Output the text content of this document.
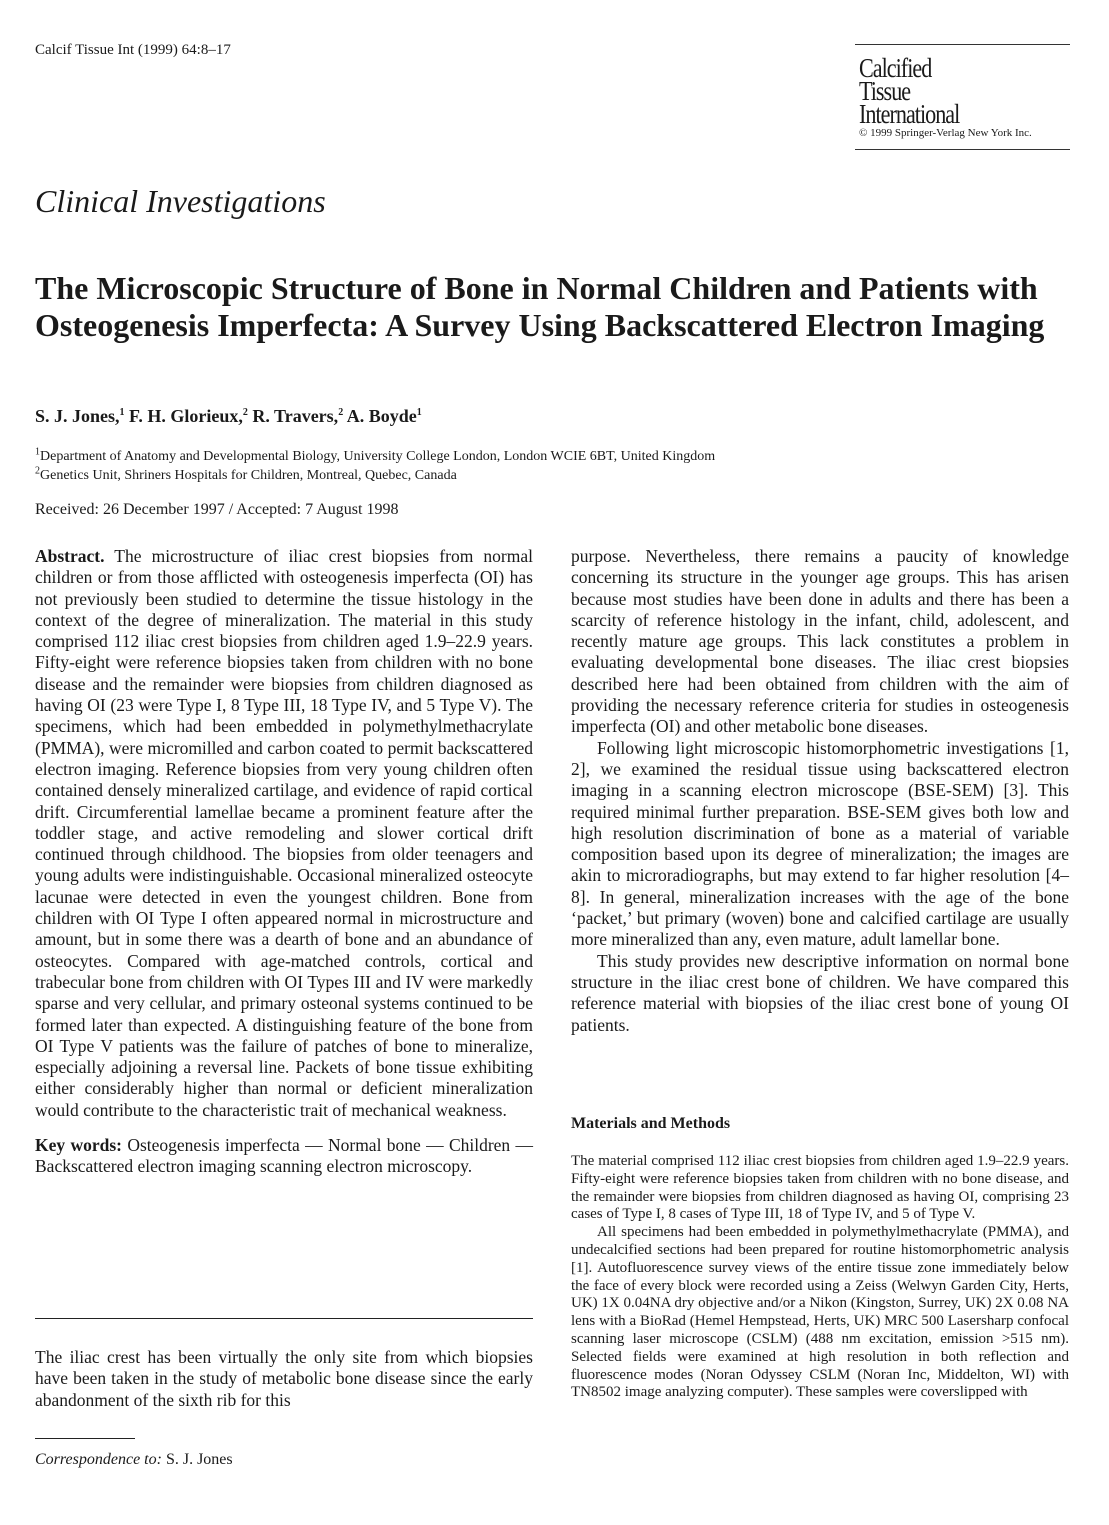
Calcif Tissue Int (1999) 64:8–17
Calcified
Tissue
International
© 1999 Springer-Verlag New York Inc.
Clinical Investigations
The Microscopic Structure of Bone in Normal Children and Patients with Osteogenesis Imperfecta: A Survey Using Backscattered Electron Imaging
S. J. Jones,$^1$ F. H. Glorieux,$^2$ R. Travers,$^2$ A. Boyde$^1$
$^1$Department of Anatomy and Developmental Biology, University College London, London WCIE 6BT, United Kingdom
$^2$Genetics Unit, Shriners Hospitals for Children, Montreal, Quebec, Canada
Received: 26 December 1997 / Accepted: 7 August 1998

Abstract. The microstructure of iliac crest biopsies from normal children or from those afflicted with osteogenesis imperfecta (OI) has not previously been studied to determine the tissue histology in the context of the degree of mineralization. The material in this study comprised 112 iliac crest biopsies from children aged 1.9–22.9 years. Fifty-eight were reference biopsies taken from children with no bone disease and the remainder were biopsies from children diagnosed as having OI (23 were Type I, 8 Type III, 18 Type IV, and 5 Type V). The specimens, which had been embedded in polymethylmethacrylate (PMMA), were micromilled and carbon coated to permit backscattered electron imaging. Reference biopsies from very young children often contained densely mineralized cartilage, and evidence of rapid cortical drift. Circumferential lamellae became a prominent feature after the toddler stage, and active remodeling and slower cortical drift continued through childhood. The biopsies from older teenagers and young adults were indistinguishable. Occasional mineralized osteocyte lacunae were detected in even the youngest children. Bone from children with OI Type I often appeared normal in microstructure and amount, but in some there was a dearth of bone and an abundance of osteocytes. Compared with age-matched controls, cortical and trabecular bone from children with OI Types III and IV were markedly sparse and very cellular, and primary osteonal systems continued to be formed later than expected. A distinguishing feature of the bone from OI Type V patients was the failure of patches of bone to mineralize, especially adjoining a reversal line. Packets of bone tissue exhibiting either considerably higher than normal or deficient mineralization would contribute to the characteristic trait of mechanical weakness.

Key words: Osteogenesis imperfecta — Normal bone — Children — Backscattered electron imaging scanning electron microscopy.

The iliac crest has been virtually the only site from which biopsies have been taken in the study of metabolic bone disease since the early abandonment of the sixth rib for this
Correspondence to: S. J. Jones

purpose. Nevertheless, there remains a paucity of knowledge concerning its structure in the younger age groups. This has arisen because most studies have been done in adults and there has been a scarcity of reference histology in the infant, child, adolescent, and recently mature age groups. This lack constitutes a problem in evaluating developmental bone diseases. The iliac crest biopsies described here had been obtained from children with the aim of providing the necessary reference criteria for studies in osteogenesis imperfecta (OI) and other metabolic bone diseases.

Following light microscopic histomorphometric investigations [1, 2], we examined the residual tissue using backscattered electron imaging in a scanning electron microscope (BSE-SEM) [3]. This required minimal further preparation. BSE-SEM gives both low and high resolution discrimination of bone as a material of variable composition based upon its degree of mineralization; the images are akin to microradiographs, but may extend to far higher resolution [4–8]. In general, mineralization increases with the age of the bone ‘packet,’ but primary (woven) bone and calcified cartilage are usually more mineralized than any, even mature, adult lamellar bone.

This study provides new descriptive information on normal bone structure in the iliac crest bone of children. We have compared this reference material with biopsies of the iliac crest bone of young OI patients.

Materials and Methods

The material comprised 112 iliac crest biopsies from children aged 1.9–22.9 years. Fifty-eight were reference biopsies taken from children with no bone disease, and the remainder were biopsies from children diagnosed as having OI, comprising 23 cases of Type I, 8 cases of Type III, 18 of Type IV, and 5 of Type V.

All specimens had been embedded in polymethylmethacrylate (PMMA), and undecalcified sections had been prepared for routine histomorphometric analysis [1]. Autofluorescence survey views of the entire tissue zone immediately below the face of every block were recorded using a Zeiss (Welwyn Garden City, Herts, UK) 1X 0.04NA dry objective and/or a Nikon (Kingston, Surrey, UK) 2X 0.08 NA lens with a BioRad (Hemel Hempstead, Herts, UK) MRC 500 Lasersharp confocal scanning laser microscope (CSLM) (488 nm excitation, emission >515 nm). Selected fields were examined at high resolution in both reflection and fluorescence modes (Noran Odyssey CSLM (Noran Inc, Middelton, WI) with TN8502 image analyzing computer). These samples were coverslipped with
